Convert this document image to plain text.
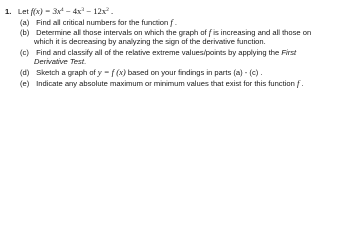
1. Let $f(x) = 3x^4 - 4x^3 - 12x^2$ .
(a) Find all critical numbers for the function f .
(b) Determine all those intervals on which the graph of f is increasing and all those on
which it is decreasing by analyzing the sign of the derivative function.
(c) Find and classify all of the relative extreme values/points by applying the First
Derivative Test.
(d) Sketch a graph of y = f (x) based on your findings in parts (a) - (c) .
(e) Indicate any absolute maximum or minimum values that exist for this function f .
